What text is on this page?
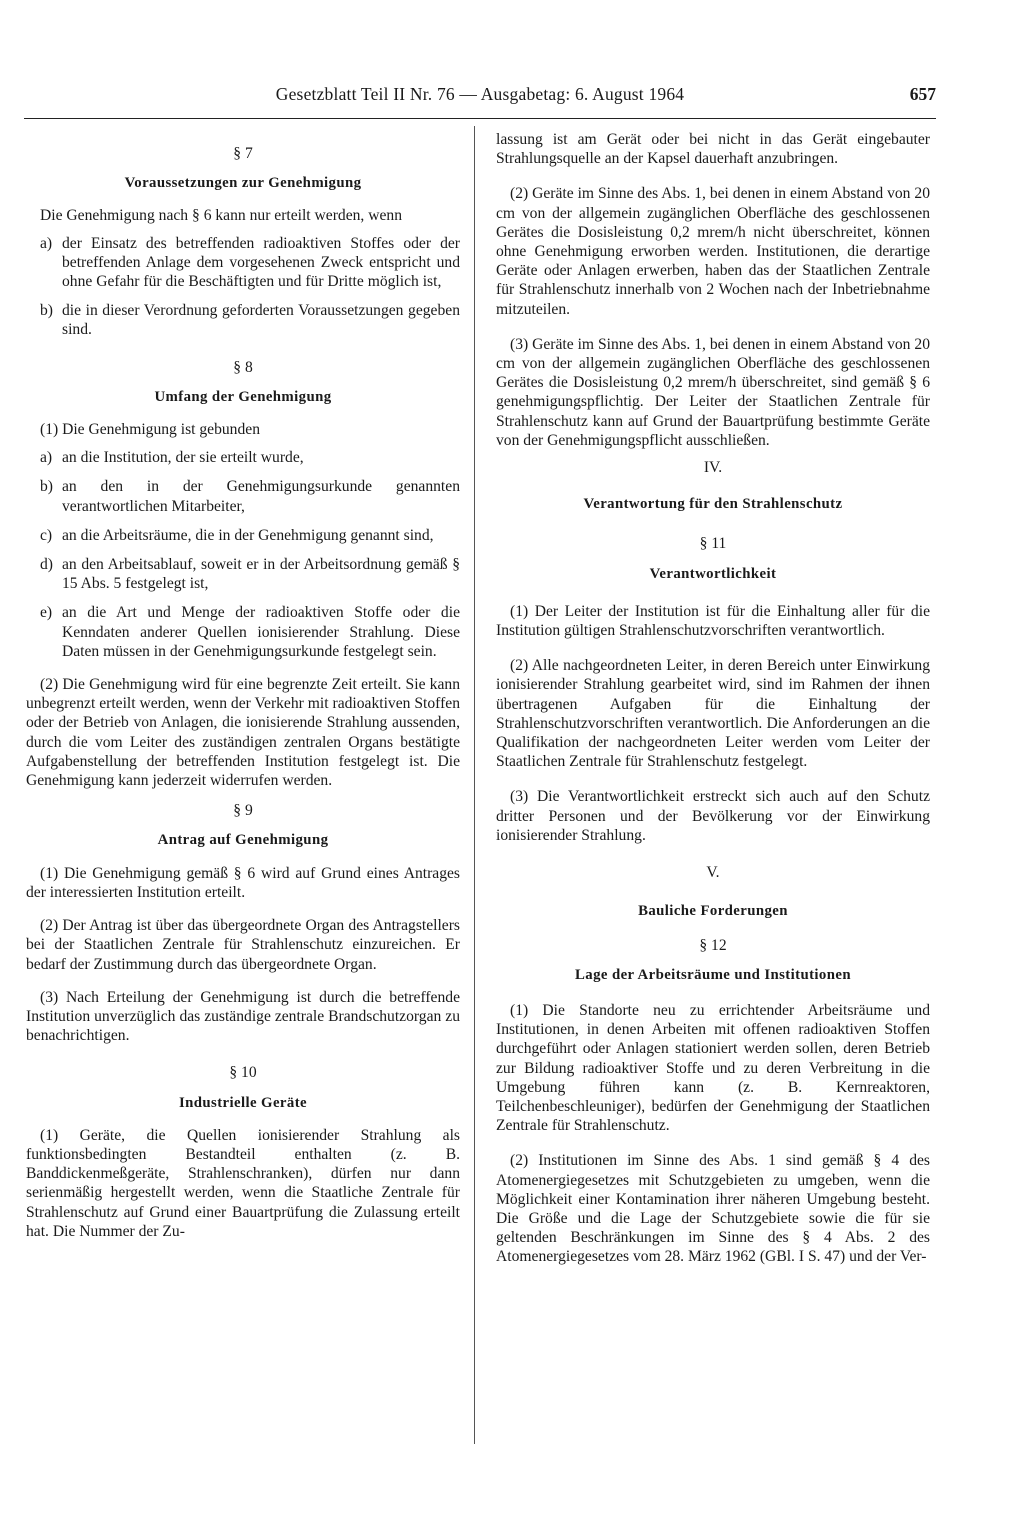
Gesetzblatt Teil II Nr. 76 — Ausgabetag: 6. August 1964	657

§ 7

Voraussetzungen zur Genehmigung

Die Genehmigung nach § 6 kann nur erteilt werden, wenn

a) der Einsatz des betreffenden radioaktiven Stoffes oder der betreffenden Anlage dem vorgesehenen Zweck entspricht und ohne Gefahr für die Beschäftigten und für Dritte möglich ist,
b) die in dieser Verordnung geforderten Voraussetzungen gegeben sind.

§ 8

Umfang der Genehmigung

(1) Die Genehmigung ist gebunden

a) an die Institution, der sie erteilt wurde,
b) an den in der Genehmigungsurkunde genannten verantwortlichen Mitarbeiter,
c) an die Arbeitsräume, die in der Genehmigung genannt sind,
d) an den Arbeitsablauf, soweit er in der Arbeitsordnung gemäß § 15 Abs. 5 festgelegt ist,
e) an die Art und Menge der radioaktiven Stoffe oder die Kenndaten anderer Quellen ionisierender Strahlung. Diese Daten müssen in der Genehmigungsurkunde festgelegt sein.

(2) Die Genehmigung wird für eine begrenzte Zeit erteilt. Sie kann unbegrenzt erteilt werden, wenn der Verkehr mit radioaktiven Stoffen oder der Betrieb von Anlagen, die ionisierende Strahlung aussenden, durch die vom Leiter des zuständigen zentralen Organs bestätigte Aufgabenstellung der betreffenden Institution festgelegt ist. Die Genehmigung kann jederzeit widerrufen werden.

§ 9

Antrag auf Genehmigung

(1) Die Genehmigung gemäß § 6 wird auf Grund eines Antrages der interessierten Institution erteilt.

(2) Der Antrag ist über das übergeordnete Organ des Antragstellers bei der Staatlichen Zentrale für Strahlenschutz einzureichen. Er bedarf der Zustimmung durch das übergeordnete Organ.

(3) Nach Erteilung der Genehmigung ist durch die betreffende Institution unverzüglich das zuständige zentrale Brandschutzorgan zu benachrichtigen.

§ 10

Industrielle Geräte

(1) Geräte, die Quellen ionisierender Strahlung als funktionsbedingten Bestandteil enthalten (z. B. Banddickenmeßgeräte, Strahlenschranken), dürfen nur dann serienmäßig hergestellt werden, wenn die Staatliche Zentrale für Strahlenschutz auf Grund einer Bauartprüfung die Zulassung erteilt hat. Die Nummer der Zu-

lassung ist am Gerät oder bei nicht in das Gerät eingebauter Strahlungsquelle an der Kapsel dauerhaft anzubringen.

(2) Geräte im Sinne des Abs. 1, bei denen in einem Abstand von 20 cm von der allgemein zugänglichen Oberfläche des geschlossenen Gerätes die Dosisleistung 0,2 mrem/h nicht überschreitet, können ohne Genehmigung erworben werden. Institutionen, die derartige Geräte oder Anlagen erwerben, haben das der Staatlichen Zentrale für Strahlenschutz innerhalb von 2 Wochen nach der Inbetriebnahme mitzuteilen.

(3) Geräte im Sinne des Abs. 1, bei denen in einem Abstand von 20 cm von der allgemein zugänglichen Oberfläche des geschlossenen Gerätes die Dosisleistung 0,2 mrem/h überschreitet, sind gemäß § 6 genehmigungspflichtig. Der Leiter der Staatlichen Zentrale für Strahlenschutz kann auf Grund der Bauartprüfung bestimmte Geräte von der Genehmigungspflicht ausschließen.

IV.

Verantwortung für den Strahlenschutz

§ 11

Verantwortlichkeit

(1) Der Leiter der Institution ist für die Einhaltung aller für die Institution gültigen Strahlenschutzvorschriften verantwortlich.

(2) Alle nachgeordneten Leiter, in deren Bereich unter Einwirkung ionisierender Strahlung gearbeitet wird, sind im Rahmen der ihnen übertragenen Aufgaben für die Einhaltung der Strahlenschutzvorschriften verantwortlich. Die Anforderungen an die Qualifikation der nachgeordneten Leiter werden vom Leiter der Staatlichen Zentrale für Strahlenschutz festgelegt.

(3) Die Verantwortlichkeit erstreckt sich auch auf den Schutz dritter Personen und der Bevölkerung vor der Einwirkung ionisierender Strahlung.

V.

Bauliche Forderungen

§ 12

Lage der Arbeitsräume und Institutionen

(1) Die Standorte neu zu errichtender Arbeitsräume und Institutionen, in denen Arbeiten mit offenen radioaktiven Stoffen durchgeführt oder Anlagen stationiert werden sollen, deren Betrieb zur Bildung radioaktiver Stoffe und zu deren Verbreitung in die Umgebung führen kann (z. B. Kernreaktoren, Teilchenbeschleuniger), bedürfen der Genehmigung der Staatlichen Zentrale für Strahlenschutz.

(2) Institutionen im Sinne des Abs. 1 sind gemäß § 4 des Atomenergiegesetzes mit Schutzgebieten zu umgeben, wenn die Möglichkeit einer Kontamination ihrer näheren Umgebung besteht. Die Größe und die Lage der Schutzgebiete sowie die für sie geltenden Beschränkungen im Sinne des § 4 Abs. 2 des Atomenergiegesetzes vom 28. März 1962 (GBl. I S. 47) und der Ver-
